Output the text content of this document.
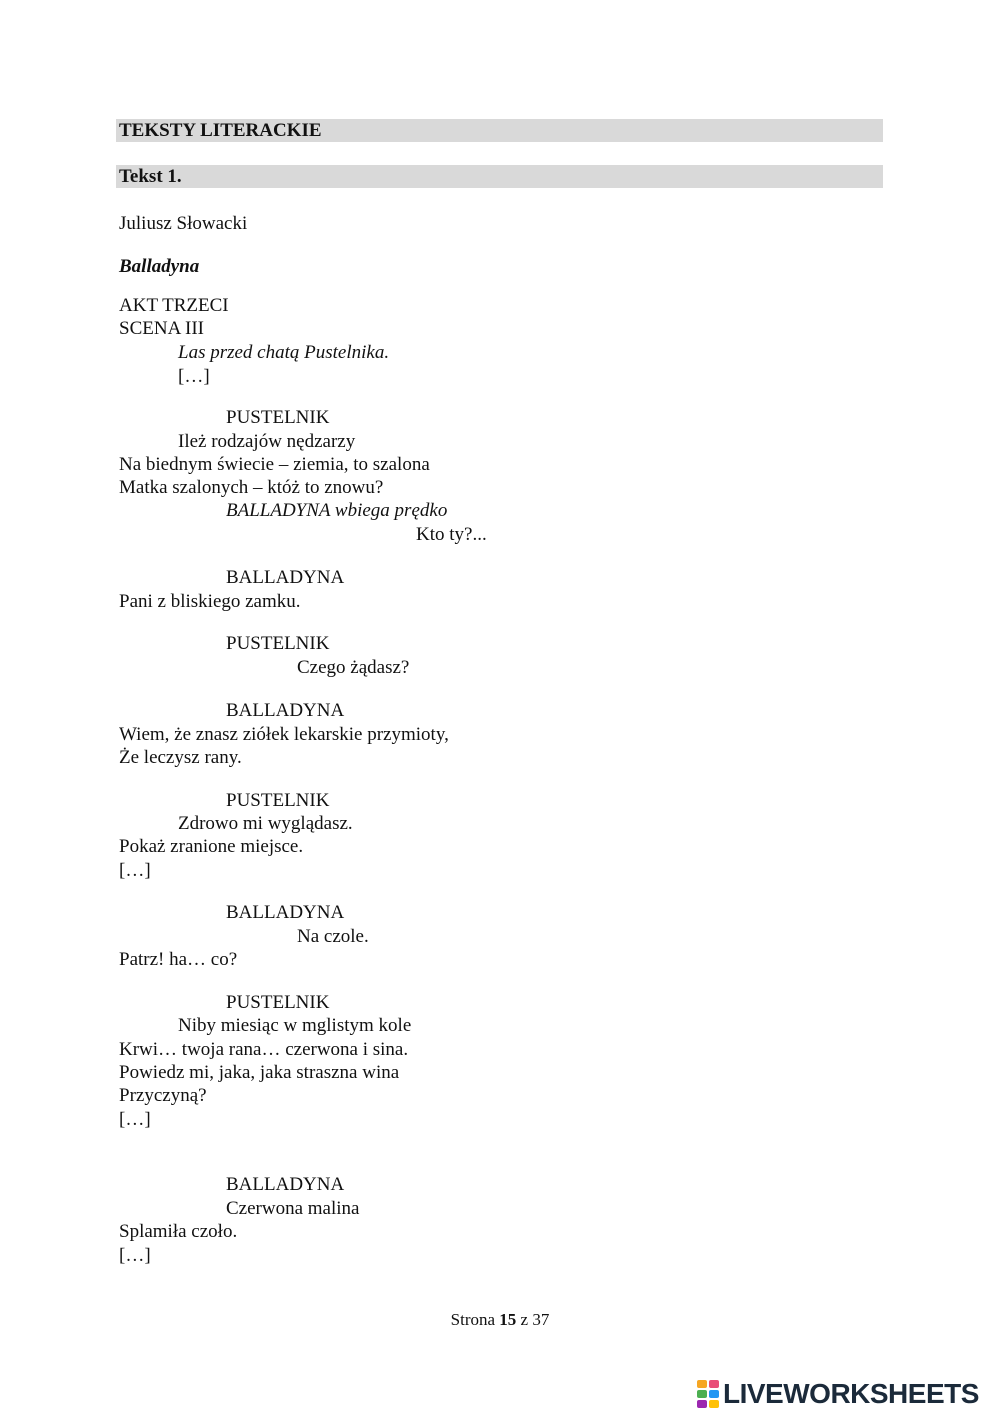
TEKSTY LITERACKIE
Tekst 1.
Juliusz Słowacki
Balladyna
AKT TRZECI
SCENA III
Las przed chatą Pustelnika.
[…]
PUSTELNIK
Ileż rodzajów nędzarzy
Na biednym świecie – ziemia, to szalona
Matka szalonych – któż to znowu?
BALLADYNA wbiega prędko
Kto ty?...
BALLADYNA
Pani z bliskiego zamku.
PUSTELNIK
Czego żądasz?
BALLADYNA
Wiem, że znasz ziółek lekarskie przymioty,
Że leczysz rany.
PUSTELNIK
Zdrowo mi wyglądasz.
Pokaż zranione miejsce.
[…]
BALLADYNA
Na czole.
Patrz! ha… co?
PUSTELNIK
Niby miesiąc w mglistym kole
Krwi… twoja rana… czerwona i sina.
Powiedz mi, jaka, jaka straszna wina
Przyczyną?
[…]
BALLADYNA
Czerwona malina
Splamiła czoło.
[…]
Strona 15 z 37
LIVEWORKSHEETS
